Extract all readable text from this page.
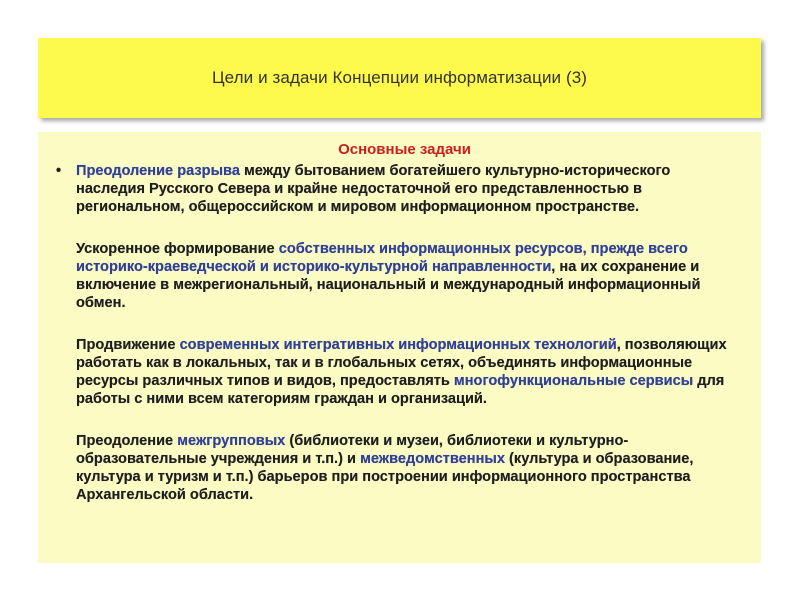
Цели и задачи Концепции информатизации (3)
Основные задачи
• Преодоление разрыва между бытованием богатейшего культурно-исторического наследия Русского Севера и крайне недостаточной его представленностью в региональном, общероссийском и мировом информационном пространстве.
Ускоренное формирование собственных информационных ресурсов, прежде всего историко-краеведческой и историко-культурной направленности, на их сохранение и включение в межрегиональный, национальный и международный информационный обмен.
Продвижение современных интегративных информационных технологий, позволяющих работать как в локальных, так и в глобальных сетях, объединять информационные ресурсы различных типов и видов, предоставлять многофункциональные сервисы для работы с ними всем категориям граждан и организаций.
Преодоление межгрупповых (библиотеки и музеи, библиотеки и культурно-образовательные учреждения и т.п.) и межведомственных (культура и образование, культура и туризм и т.п.) барьеров при построении информационного пространства Архангельской области.
